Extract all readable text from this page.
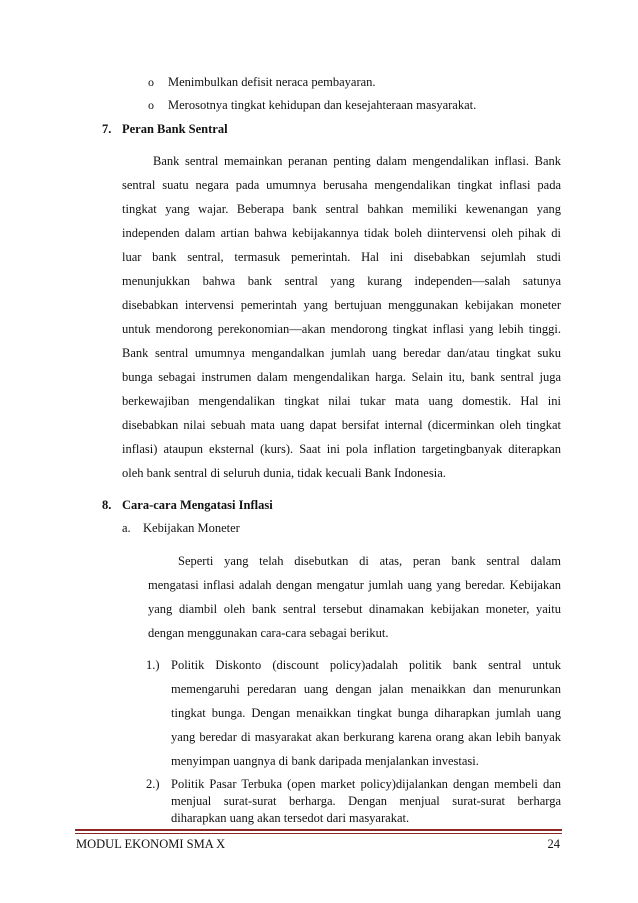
o Menimbulkan defisit neraca pembayaran.
o Merosotnya tingkat kehidupan dan kesejahteraan masyarakat.
7. Peran Bank Sentral
Bank sentral memainkan peranan penting dalam mengendalikan inflasi. Bank
sentral suatu negara pada umumnya berusaha mengendalikan tingkat inflasi pada
tingkat yang wajar. Beberapa bank sentral bahkan memiliki kewenangan yang
independen dalam artian bahwa kebijakannya tidak boleh diintervensi oleh pihak di
luar bank sentral, termasuk pemerintah. Hal ini disebabkan sejumlah studi
menunjukkan bahwa bank sentral yang kurang independen—salah satunya
disebabkan intervensi pemerintah yang bertujuan menggunakan kebijakan moneter
untuk mendorong perekonomian—akan mendorong tingkat inflasi yang lebih tinggi.
Bank sentral umumnya mengandalkan jumlah uang beredar dan/atau tingkat suku
bunga sebagai instrumen dalam mengendalikan harga. Selain itu, bank sentral juga
berkewajiban mengendalikan tingkat nilai tukar mata uang domestik. Hal ini
disebabkan nilai sebuah mata uang dapat bersifat internal (dicerminkan oleh tingkat
inflasi) ataupun eksternal (kurs). Saat ini pola inflation targetingbanyak diterapkan
oleh bank sentral di seluruh dunia, tidak kecuali Bank Indonesia.
8. Cara-cara Mengatasi Inflasi
a. Kebijakan Moneter
Seperti yang telah disebutkan di atas, peran bank sentral dalam
mengatasi inflasi adalah dengan mengatur jumlah uang yang beredar. Kebijakan
yang diambil oleh bank sentral tersebut dinamakan kebijakan moneter, yaitu
dengan menggunakan cara-cara sebagai berikut.
1.) Politik Diskonto (discount policy)adalah politik bank sentral untuk
memengaruhi peredaran uang dengan jalan menaikkan dan menurunkan
tingkat bunga. Dengan menaikkan tingkat bunga diharapkan jumlah uang
yang beredar di masyarakat akan berkurang karena orang akan lebih banyak
menyimpan uangnya di bank daripada menjalankan investasi.
2.) Politik Pasar Terbuka (open market policy)dijalankan dengan membeli dan
menjual surat-surat berharga. Dengan menjual surat-surat berharga
MODUL EKONOMI SMA X	24
diharapkan uang akan tersedot dari masyarakat.
